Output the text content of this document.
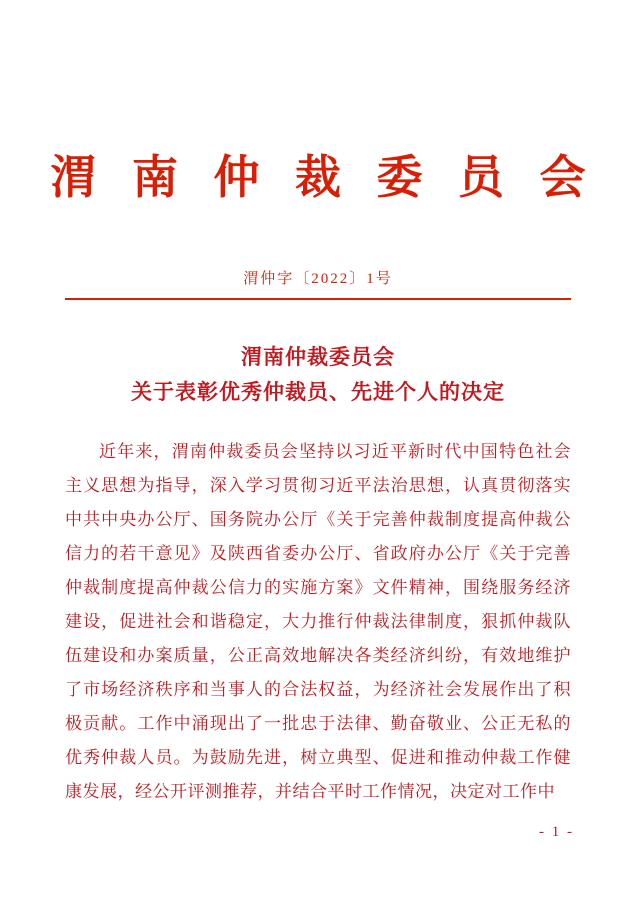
渭 南 仲 裁 委 员 会
渭仲字〔2022〕1号
渭南仲裁委员会
关于表彰优秀仲裁员、先进个人的决定

近年来，渭南仲裁委员会坚持以习近平新时代中国特色社会主义思想为指导，深入学习贯彻习近平法治思想，认真贯彻落实中共中央办公厅、国务院办公厅《关于完善仲裁制度提高仲裁公信力的若干意见》及陕西省委办公厅、省政府办公厅《关于完善仲裁制度提高仲裁公信力的实施方案》文件精神，围绕服务经济建设，促进社会和谐稳定，大力推行仲裁法律制度，狠抓仲裁队伍建设和办案质量，公正高效地解决各类经济纠纷，有效地维护了市场经济秩序和当事人的合法权益，为经济社会发展作出了积极贡献。工作中涌现出了一批忠于法律、勤奋敬业、公正无私的优秀仲裁人员。为鼓励先进，树立典型、促进和推动仲裁工作健康发展，经公开评测推荐，并结合平时工作情况，决定对工作中

- 1 -
